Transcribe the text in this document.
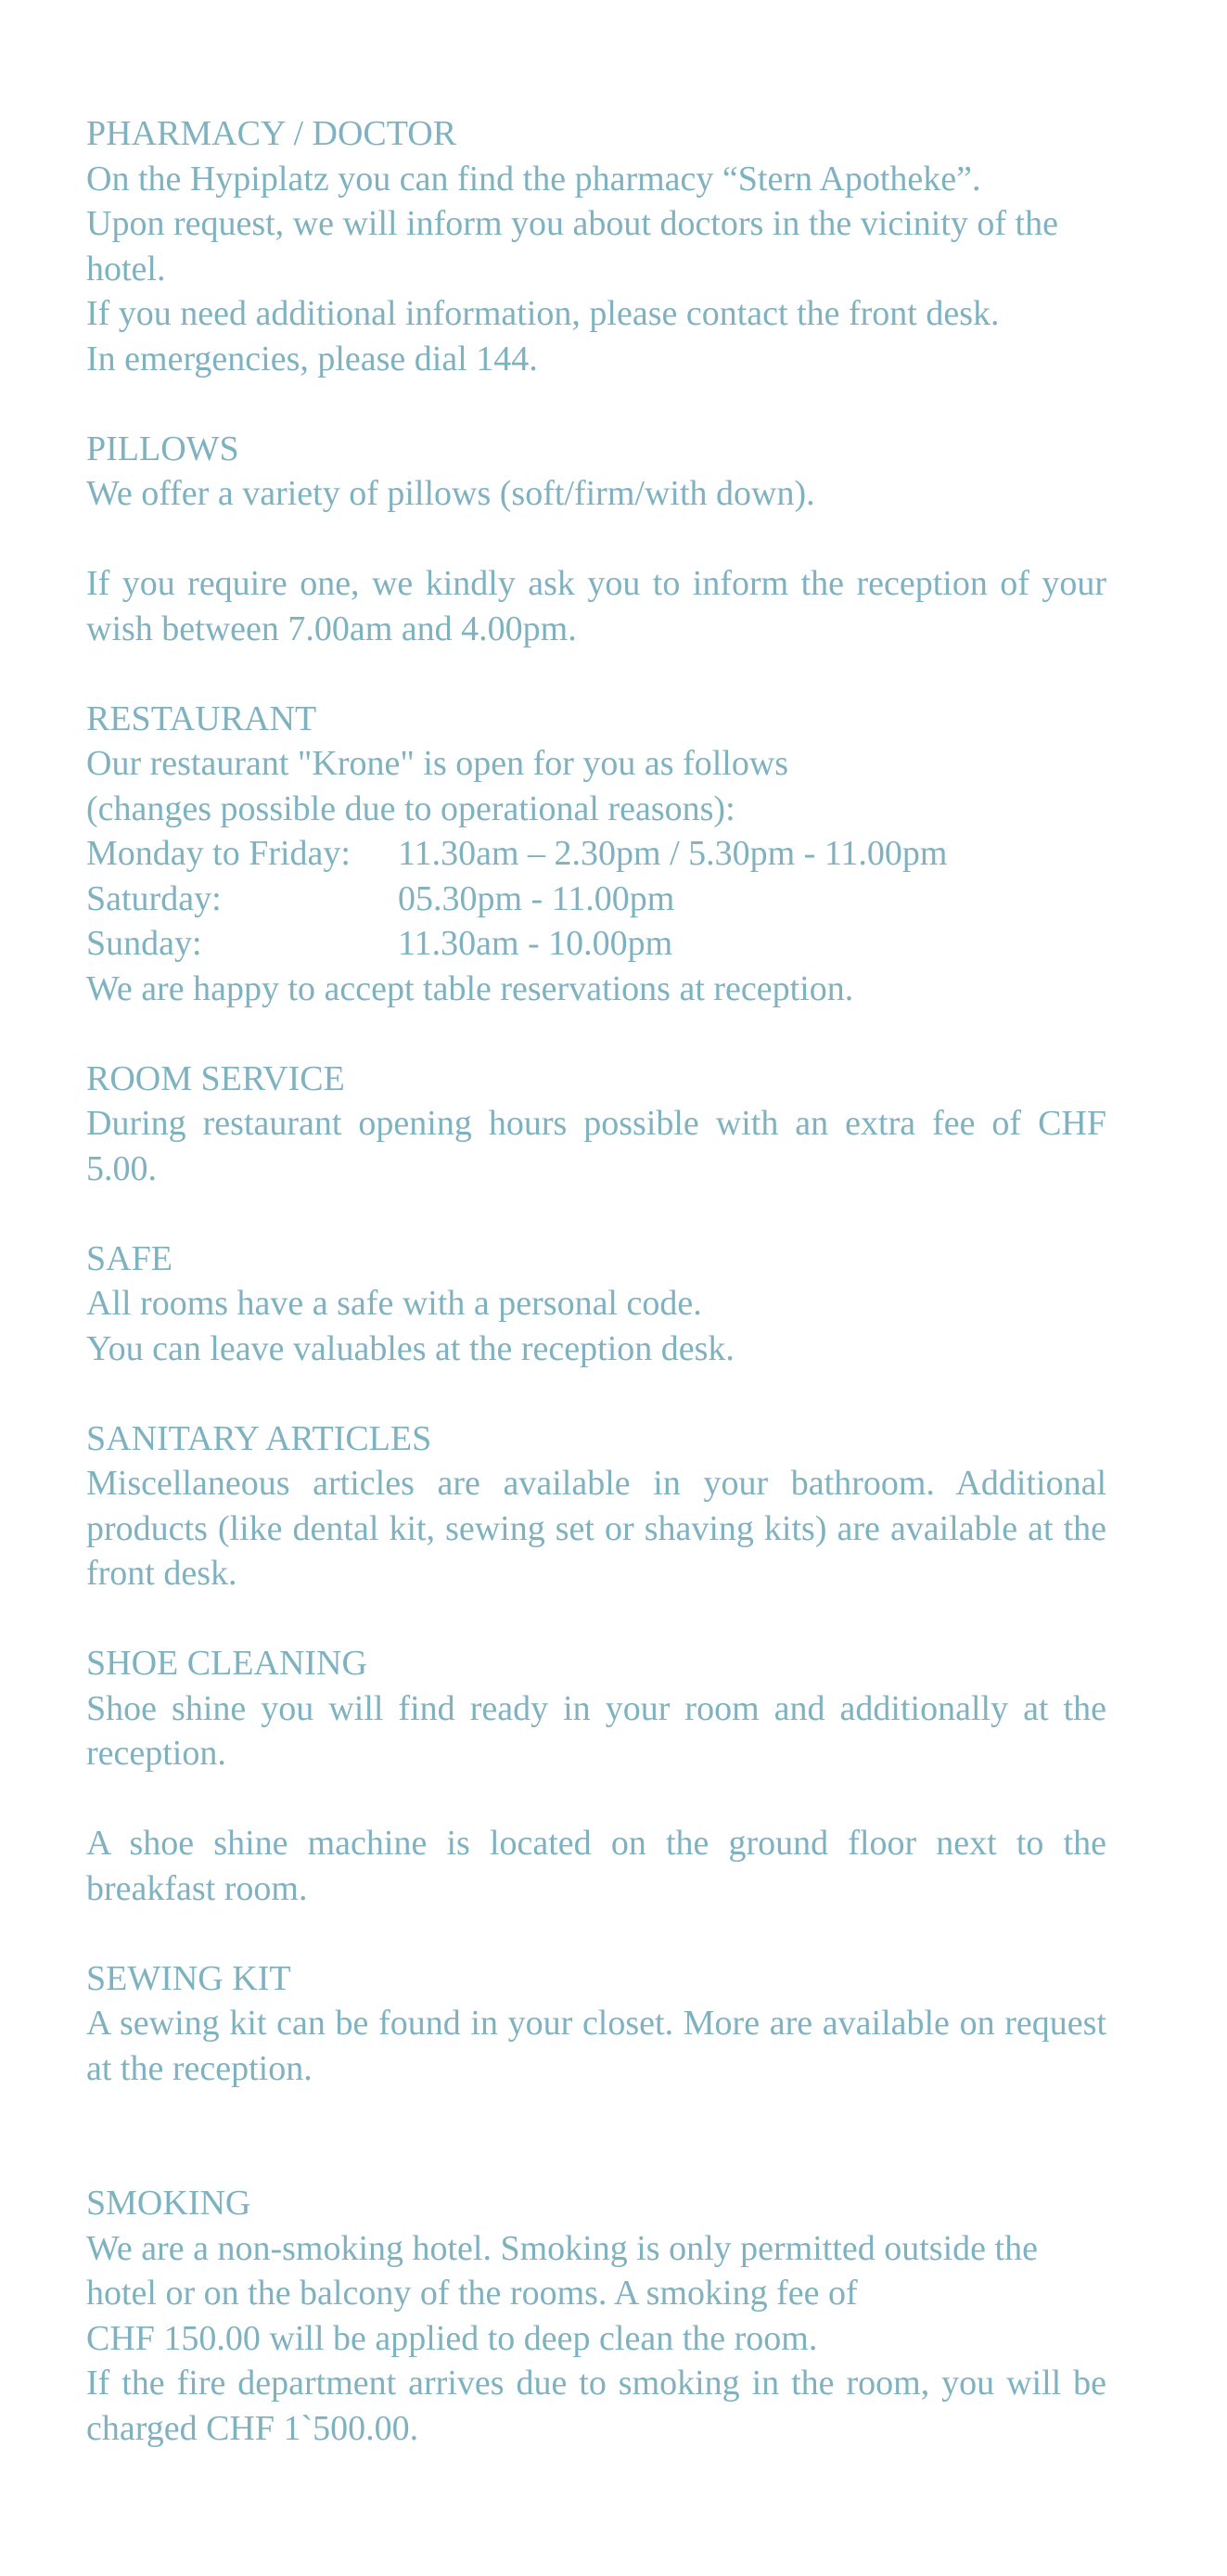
PHARMACY / DOCTOR

On the Hypiplatz you can find the pharmacy “Stern Apotheke”.

Upon request, we will inform you about doctors in the vicinity of the hotel.

If you need additional information, please contact the front desk.

In emergencies, please dial 144.

PILLOWS

We offer a variety of pillows (soft/firm/with down).

If you require one, we kindly ask you to inform the reception of your wish between 7.00am and 4.00pm.

RESTAURANT

Our restaurant "Krone" is open for you as follows

(changes possible due to operational reasons):

Monday to Friday:	11.30am – 2.30pm / 5.30pm - 11.00pm
Saturday:	05.30pm - 11.00pm
Sunday:	11.30am - 10.00pm

We are happy to accept table reservations at reception.

ROOM SERVICE

During restaurant opening hours possible with an extra fee of CHF 5.00.

SAFE

All rooms have a safe with a personal code.

You can leave valuables at the reception desk.

SANITARY ARTICLES

Miscellaneous articles are available in your bathroom. Additional products (like dental kit, sewing set or shaving kits) are available at the front desk.

SHOE CLEANING

Shoe shine you will find ready in your room and additionally at the reception.

A shoe shine machine is located on the ground floor next to the breakfast room.

SEWING KIT

A sewing kit can be found in your closet. More are available on request at the reception.

SMOKING

We are a non-smoking hotel. Smoking is only permitted outside the hotel or on the balcony of the rooms. A smoking fee of

CHF 150.00 will be applied to deep clean the room.

If the fire department arrives due to smoking in the room, you will be charged CHF 1`500.00.
